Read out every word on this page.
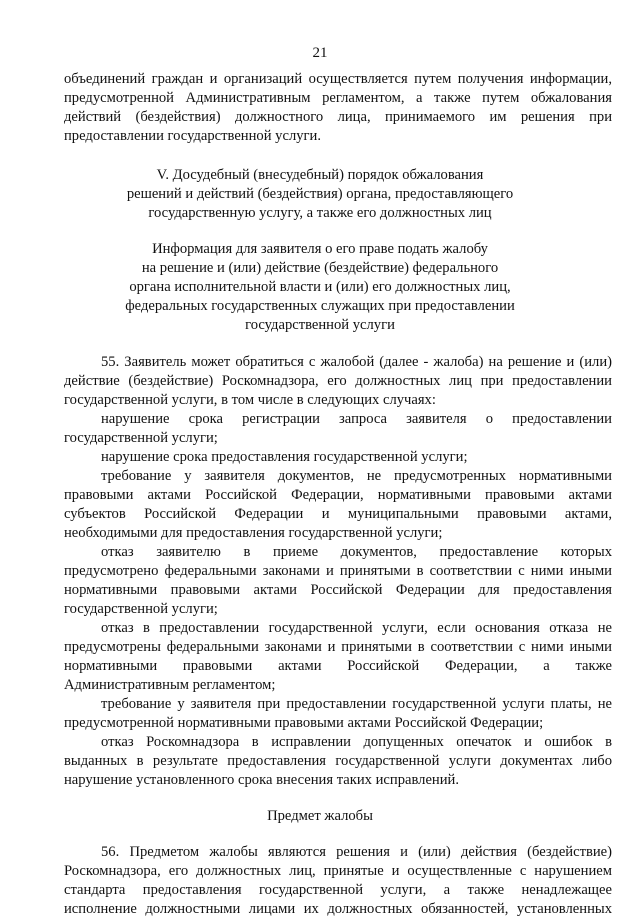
21
объединений граждан и организаций осуществляется путем получения информации,
предусмотренной Административным регламентом, а также путем обжалования
действий (бездействия) должностного лица, принимаемого им решения при
предоставлении государственной услуги.
V. Досудебный (внесудебный) порядок обжалования
решений и действий (бездействия) органа, предоставляющего
государственную услугу, а также его должностных лиц
Информация для заявителя о его праве подать жалобу
на решение и (или) действие (бездействие) федерального
органа исполнительной власти и (или) его должностных лиц,
федеральных государственных служащих при предоставлении
государственной услуги
55. Заявитель может обратиться с жалобой (далее - жалоба) на решение и (или)
действие (бездействие) Роскомнадзора, его должностных лиц при предоставлении
государственной услуги, в том числе в следующих случаях:
нарушение срока регистрации запроса заявителя о предоставлении
государственной услуги;
нарушение срока предоставления государственной услуги;
требование у заявителя документов, не предусмотренных нормативными
правовыми актами Российской Федерации, нормативными правовыми актами
субъектов Российской Федерации и муниципальными правовыми актами,
необходимыми для предоставления государственной услуги;
отказ заявителю в приеме документов, предоставление которых
предусмотрено федеральными законами и принятыми в соответствии с ними иными
нормативными правовыми актами Российской Федерации для предоставления
государственной услуги;
отказ в предоставлении государственной услуги, если основания отказа не
предусмотрены федеральными законами и принятыми в соответствии с ними иными
нормативными правовыми актами Российской Федерации, а также
Административным регламентом;
требование у заявителя при предоставлении государственной услуги платы, не
предусмотренной нормативными правовыми актами Российской Федерации;
отказ Роскомнадзора в исправлении допущенных опечаток и ошибок в
выданных в результате предоставления государственной услуги документах либо
нарушение установленного срока внесения таких исправлений.
Предмет жалобы
56. Предметом жалобы являются решения и (или) действия (бездействие)
Роскомнадзора, его должностных лиц, принятые и осуществленные с нарушением
стандарта предоставления государственной услуги, а также ненадлежащее
исполнение должностными лицами их должностных обязанностей, установленных
